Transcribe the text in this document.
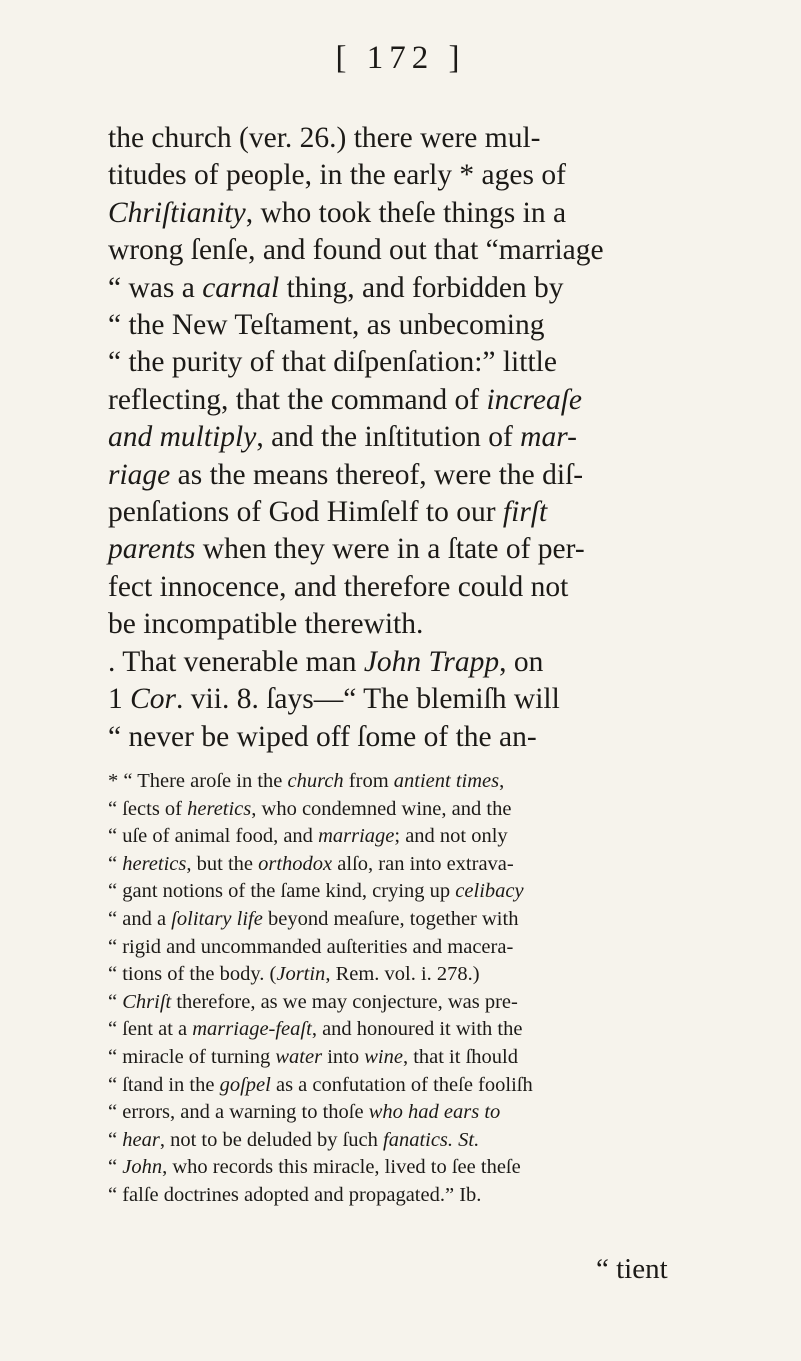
[ 172 ]
the church (ver. 26.) there were mul-
titudes of people, in the early * ages of
Chriſtianity, who took theſe things in a
wrong ſenſe, and found out that “marriage
“ was a carnal thing, and forbidden by
“ the New Teſtament, as unbecoming
“ the purity of that diſpenſation:” little
reflecting, that the command of increaſe
and multiply, and the inſtitution of mar-
riage as the means thereof, were the diſ-
penſations of God Himſelf to our firſt
parents when they were in a ſtate of per-
fect innocence, and therefore could not
be incompatible therewith.
. That venerable man John Trapp, on
1 Cor. vii. 8. ſays—“ The blemiſh will
“ never be wiped off ſome of the an-
* “ There aroſe in the church from antient times,
“ ſects of heretics, who condemned wine, and the
“ uſe of animal food, and marriage; and not only
“ heretics, but the orthodox alſo, ran into extrava-
“ gant notions of the ſame kind, crying up celibacy
“ and a ſolitary life beyond meaſure, together with
“ rigid and uncommanded auſterities and macera-
“ tions of the body. (Jortin, Rem. vol. i. 278.)
“ Chriſt therefore, as we may conjecture, was pre-
“ ſent at a marriage-feaſt, and honoured it with the
“ miracle of turning water into wine, that it ſhould
“ ſtand in the goſpel as a confutation of theſe fooliſh
“ errors, and a warning to thoſe who had ears to
“ hear, not to be deluded by ſuch fanatics. St.
“ John, who records this miracle, lived to ſee theſe
“ falſe doctrines adopted and propagated.” Ib.
“ tient
